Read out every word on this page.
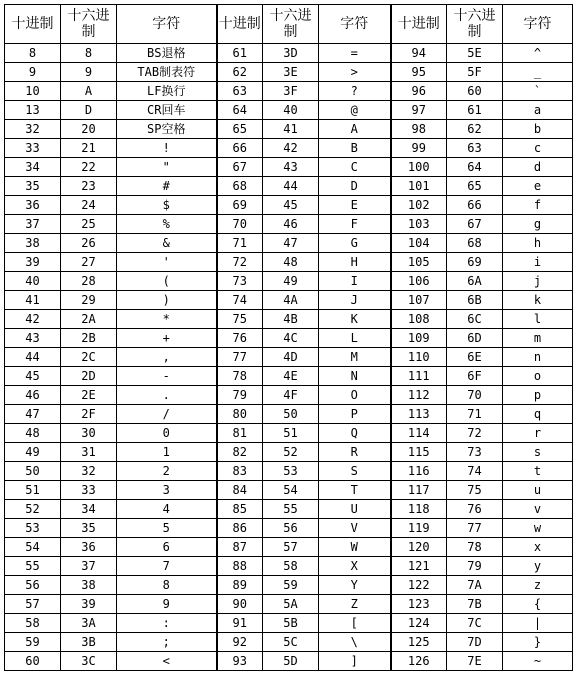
十进制	十六进制	字符	十进制	十六进制	字符	十进制	十六进制	字符
8	8	BS退格	61	3D	=	94	5E	^
9	9	TAB制表符	62	3E	>	95	5F	_
10	A	LF换行	63	3F	?	96	60	`
13	D	CR回车	64	40	@	97	61	a
32	20	SP空格	65	41	A	98	62	b
33	21	!	66	42	B	99	63	c
34	22	"	67	43	C	100	64	d
35	23	#	68	44	D	101	65	e
36	24	$	69	45	E	102	66	f
37	25	%	70	46	F	103	67	g
38	26	&	71	47	G	104	68	h
39	27	'	72	48	H	105	69	i
40	28	(	73	49	I	106	6A	j
41	29	)	74	4A	J	107	6B	k
42	2A	*	75	4B	K	108	6C	l
43	2B	+	76	4C	L	109	6D	m
44	2C	,	77	4D	M	110	6E	n
45	2D	-	78	4E	N	111	6F	o
46	2E	.	79	4F	O	112	70	p
47	2F	/	80	50	P	113	71	q
48	30	0	81	51	Q	114	72	r
49	31	1	82	52	R	115	73	s
50	32	2	83	53	S	116	74	t
51	33	3	84	54	T	117	75	u
52	34	4	85	55	U	118	76	v
53	35	5	86	56	V	119	77	w
54	36	6	87	57	W	120	78	x
55	37	7	88	58	X	121	79	y
56	38	8	89	59	Y	122	7A	z
57	39	9	90	5A	Z	123	7B	{
58	3A	:	91	5B	[	124	7C	|
59	3B	;	92	5C	\	125	7D	}
60	3C	<	93	5D	]	126	7E	~
